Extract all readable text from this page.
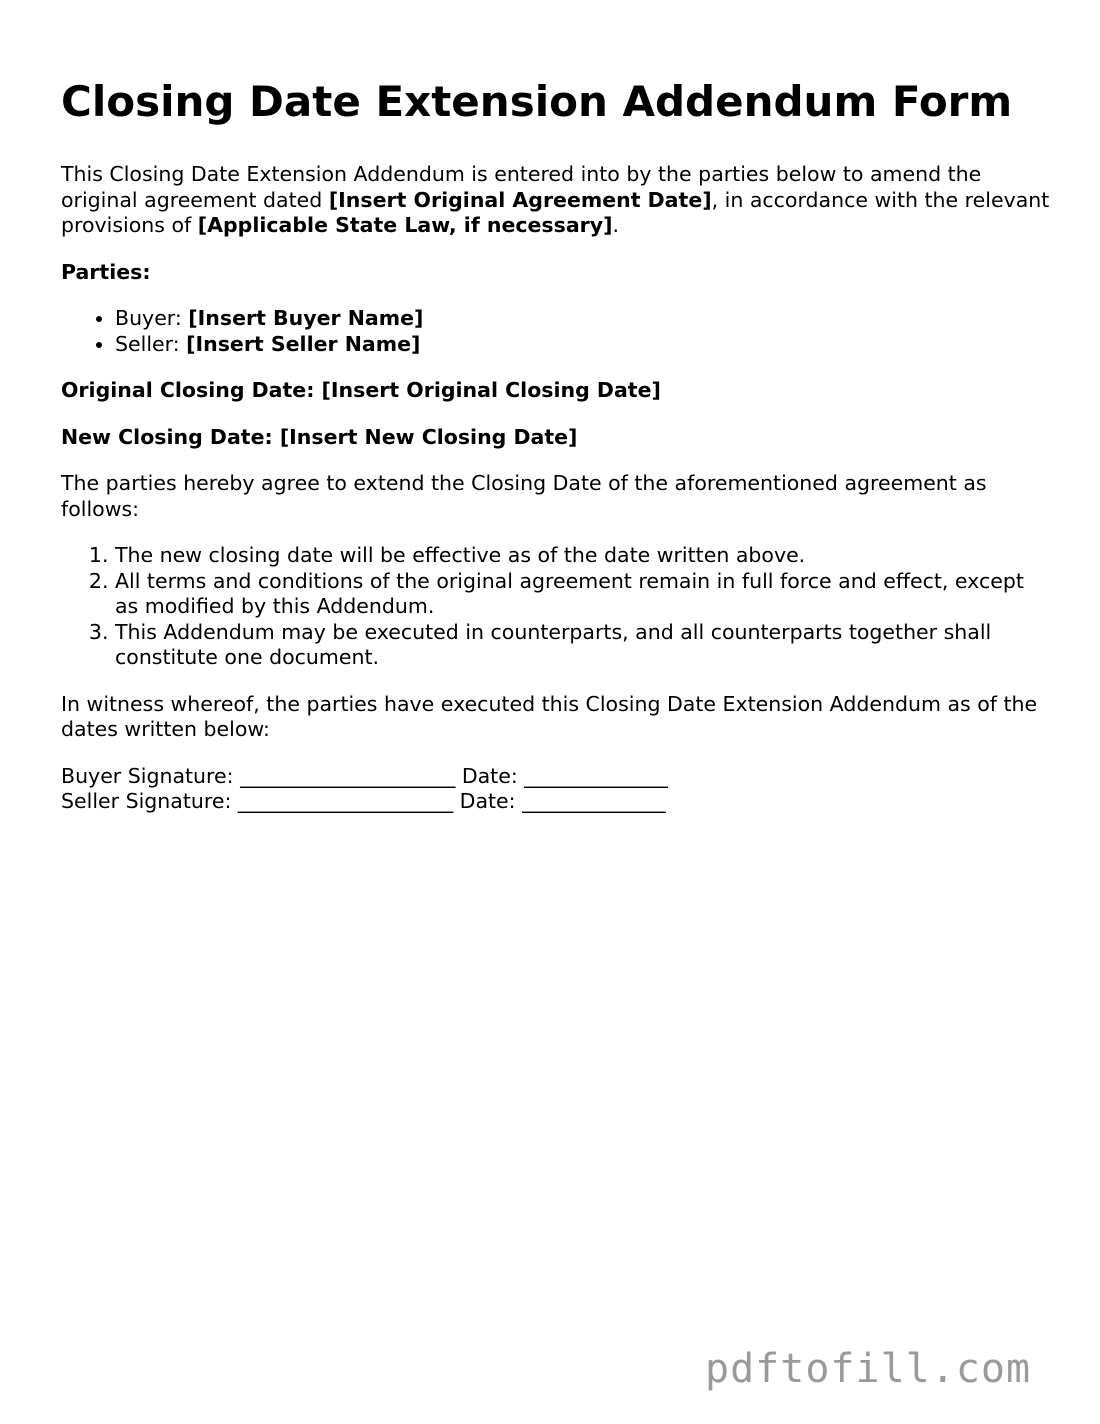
Closing Date Extension Addendum Form

This Closing Date Extension Addendum is entered into by the parties below to amend the original agreement dated [Insert Original Agreement Date], in accordance with the relevant provisions of [Applicable State Law, if necessary].

Parties:

• Buyer: [Insert Buyer Name]
• Seller: [Insert Seller Name]

Original Closing Date: [Insert Original Closing Date]

New Closing Date: [Insert New Closing Date]

The parties hereby agree to extend the Closing Date of the aforementioned agreement as follows:

1. The new closing date will be effective as of the date written above.
2. All terms and conditions of the original agreement remain in full force and effect, except as modified by this Addendum.
3. This Addendum may be executed in counterparts, and all counterparts together shall constitute one document.

In witness whereof, the parties have executed this Closing Date Extension Addendum as of the dates written below:

Buyer Signature: _____________________ Date: ______________
Seller Signature: _____________________ Date: ______________
pdftofill.com
